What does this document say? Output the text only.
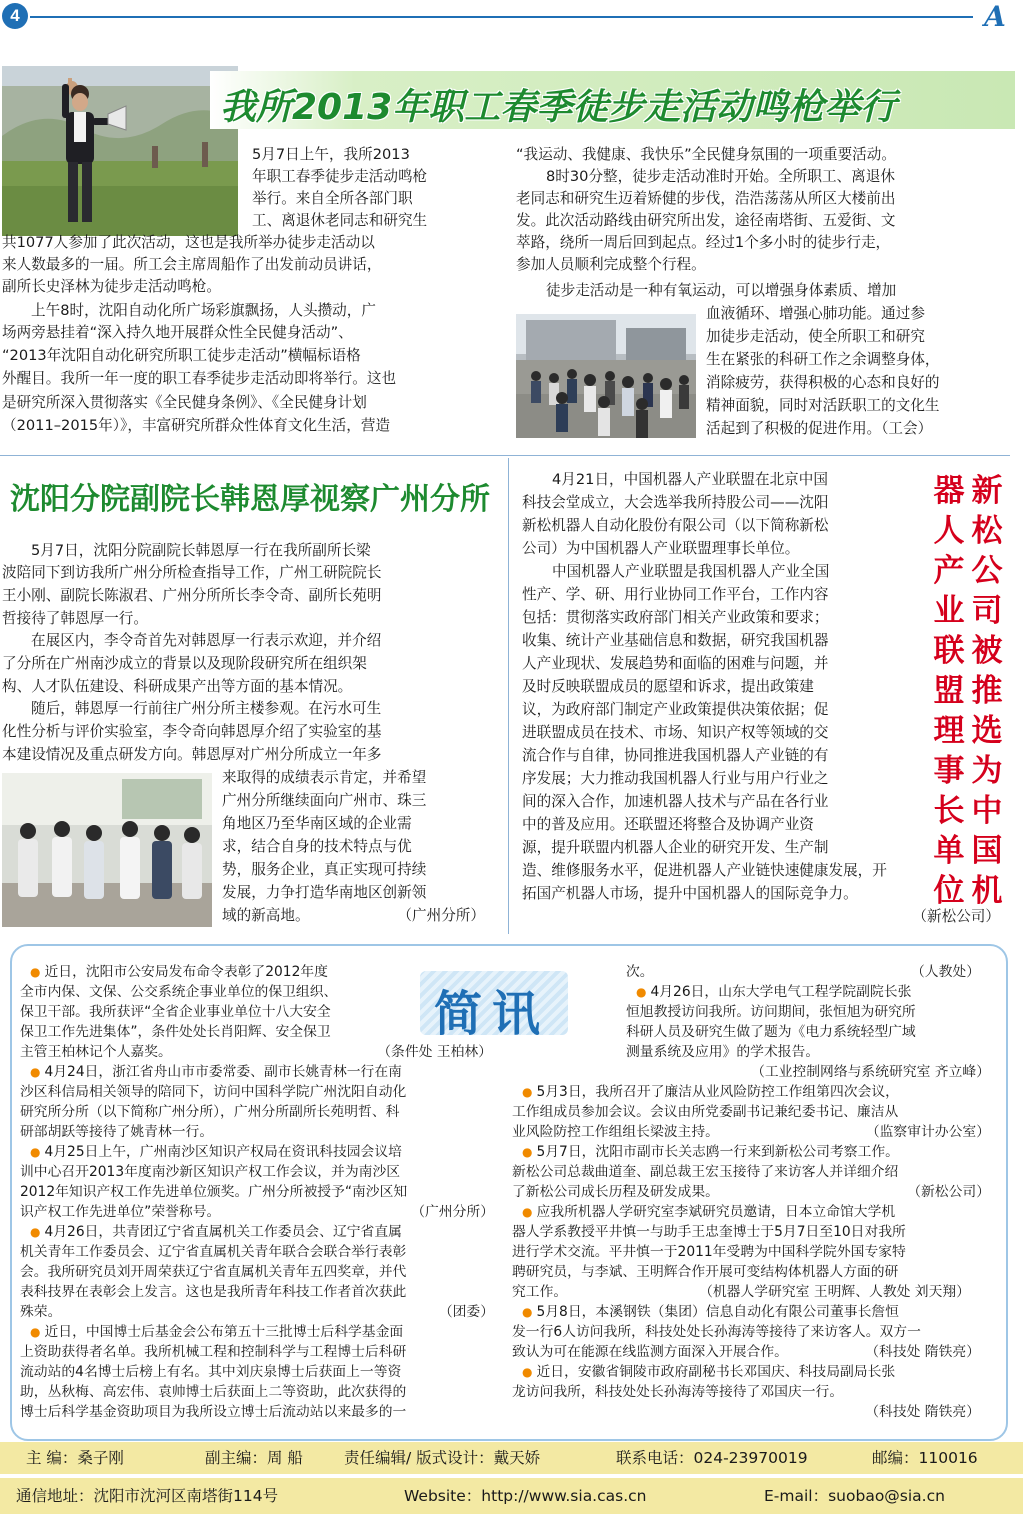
4	A
我所2013年职工春季徒步走活动鸣枪举行
5月7日上午，我所2013
年职工春季徒步走活动鸣枪
举行。来自全所各部门职
工、离退休老同志和研究生
共1077人参加了此次活动，这也是我所举办徒步走活动以
来人数最多的一届。所工会主席周船作了出发前动员讲话，
副所长史泽林为徒步走活动鸣枪。
上午8时，沈阳自动化所广场彩旗飘扬，人头攒动，广
场两旁悬挂着“深入持久地开展群众性全民健身活动”、
“2013年沈阳自动化研究所职工徒步走活动”横幅标语格
外醒目。我所一年一度的职工春季徒步走活动即将举行。这也
是研究所深入贯彻落实《全民健身条例》、《全民健身计划
（2011–2015年）》，丰富研究所群众性体育文化生活，营造
“我运动、我健康、我快乐”全民健身氛围的一项重要活动。
8时30分整，徒步走活动准时开始。全所职工、离退休
老同志和研究生迈着矫健的步伐，浩浩荡荡从所区大楼前出
发。此次活动路线由研究所出发，途径南塔街、五爱街、文
萃路，绕所一周后回到起点。经过1个多小时的徒步行走，
参加人员顺利完成整个行程。
徒步走活动是一种有氧运动，可以增强身体素质、增加
血液循环、增强心肺功能。通过参
加徒步走活动，使全所职工和研究
生在紧张的科研工作之余调整身体，
消除疲劳，获得积极的心态和良好的
精神面貌，同时对活跃职工的文化生
活起到了积极的促进作用。（工会）
沈阳分院副院长韩恩厚视察广州分所
5月7日，沈阳分院副院长韩恩厚一行在我所副所长梁
波陪同下到访我所广州分所检查指导工作，广州工研院院长
王小刚、副院长陈淑君、广州分所所长李令奇、副所长苑明
哲接待了韩恩厚一行。
在展区内，李令奇首先对韩恩厚一行表示欢迎，并介绍
了分所在广州南沙成立的背景以及现阶段研究所在组织架
构、人才队伍建设、科研成果产出等方面的基本情况。
随后，韩恩厚一行前往广州分所主楼参观。在污水可生
化性分析与评价实验室，李令奇向韩恩厚介绍了实验室的基
本建设情况及重点研发方向。韩恩厚对广州分所成立一年多
来取得的成绩表示肯定，并希望
广州分所继续面向广州市、珠三
角地区乃至华南区域的企业需
求，结合自身的技术特点与优
势，服务企业，真正实现可持续
发展，力争打造华南地区创新领
域的新高地。	（广州分所）
新松公司被推选为中国机
器人产业联盟理事长单位
4月21日，中国机器人产业联盟在北京中国
科技会堂成立，大会选举我所持股公司——沈阳
新松机器人自动化股份有限公司（以下简称新松
公司）为中国机器人产业联盟理事长单位。
中国机器人产业联盟是我国机器人产业全国
性产、学、研、用行业协同工作平台，工作内容
包括：贯彻落实政府部门相关产业政策和要求；
收集、统计产业基础信息和数据，研究我国机器
人产业现状、发展趋势和面临的困难与问题，并
及时反映联盟成员的愿望和诉求，提出政策建
议，为政府部门制定产业政策提供决策依据；促
进联盟成员在技术、市场、知识产权等领域的交
流合作与自律，协同推进我国机器人产业链的有
序发展；大力推动我国机器人行业与用户行业之
间的深入合作，加速机器人技术与产品在各行业
中的普及应用。还联盟还将整合及协调产业资
源，提升联盟内机器人企业的研究开发、生产制
造、维修服务水平，促进机器人产业链快速健康发展，开
拓国产机器人市场，提升中国机器人的国际竞争力。
（新松公司）
简讯
● 近日，沈阳市公安局发布命令表彰了2012年度
全市内保、文保、公交系统企事业单位的保卫组织、
保卫干部。我所获评“全省企业事业单位十八大安全
保卫工作先进集体”，条件处处长肖阳辉、安全保卫
主管王柏林记个人嘉奖。	（条件处 王柏林）
● 4月24日，浙江省舟山市市委常委、副市长姚青林一行在南
沙区科信局相关领导的陪同下，访问中国科学院广州沈阳自动化
研究所分所（以下简称广州分所），广州分所副所长苑明哲、科
研部胡跃等接待了姚青林一行。
● 4月25日上午，广州南沙区知识产权局在资讯科技园会议培
训中心召开2013年度南沙新区知识产权工作会议，并为南沙区
2012年知识产权工作先进单位颁奖。广州分所被授予“南沙区知
识产权工作先进单位”荣誉称号。	（广州分所）
● 4月26日，共青团辽宁省直属机关工作委员会、辽宁省直属
机关青年工作委员会、辽宁省直属机关青年联合会联合举行表彰
会。我所研究员刘开周荣获辽宁省直属机关青年五四奖章，并代
表科技界在表彰会上发言。这也是我所青年科技工作者首次获此
殊荣。	（团委）
● 近日，中国博士后基金会公布第五十三批博士后科学基金面
上资助获得者名单。我所机械工程和控制科学与工程博士后科研
流动站的4名博士后榜上有名。其中刘庆泉博士后获面上一等资
助，丛秋梅、高宏伟、袁帅博士后获面上二等资助，此次获得的
博士后科学基金资助项目为我所设立博士后流动站以来最多的一
次。	（人教处）
● 4月26日，山东大学电气工程学院副院长张
恒旭教授访问我所。访问期间，张恒旭为研究所
科研人员及研究生做了题为《电力系统轻型广域
测量系统及应用》的学术报告。
（工业控制网络与系统研究室 齐立峰）
● 5月3日，我所召开了廉洁从业风险防控工作组第四次会议，
工作组成员参加会议。会议由所党委副书记兼纪委书记、廉洁从
业风险防控工作组组长梁波主持。	（监察审计办公室）
● 5月7日，沈阳市副市长关志鸥一行来到新松公司考察工作。
新松公司总裁曲道奎、副总裁王宏玉接待了来访客人并详细介绍
了新松公司成长历程及研发成果。	（新松公司）
● 应我所机器人学研究室李斌研究员邀请，日本立命馆大学机
器人学系教授平井慎一与助手王忠奎博士于5月7日至10日对我所
进行学术交流。平井慎一于2011年受聘为中国科学院外国专家特
聘研究员，与李斌、王明辉合作开展可变结构体机器人方面的研
究工作。	（机器人学研究室 王明辉、人教处 刘天翔）
● 5月8日，本溪钢铁（集团）信息自动化有限公司董事长詹恒
发一行6人访问我所，科技处处长孙海涛等接待了来访客人。双方一
致认为可在能源在线监测方面深入开展合作。	（科技处 隋铁亮）
● 近日，安徽省铜陵市政府副秘书长邓国庆、科技局副局长张
龙访问我所，科技处处长孙海涛等接待了邓国庆一行。
（科技处 隋铁亮）
主 编：桑子刚	副主编：周 船	责任编辑/ 版式设计：戴天娇	联系电话：024-23970019	邮编：110016
通信地址：沈阳市沈河区南塔街114号	Website：http://www.sia.cas.cn	E-mail：suobao@sia.cn
